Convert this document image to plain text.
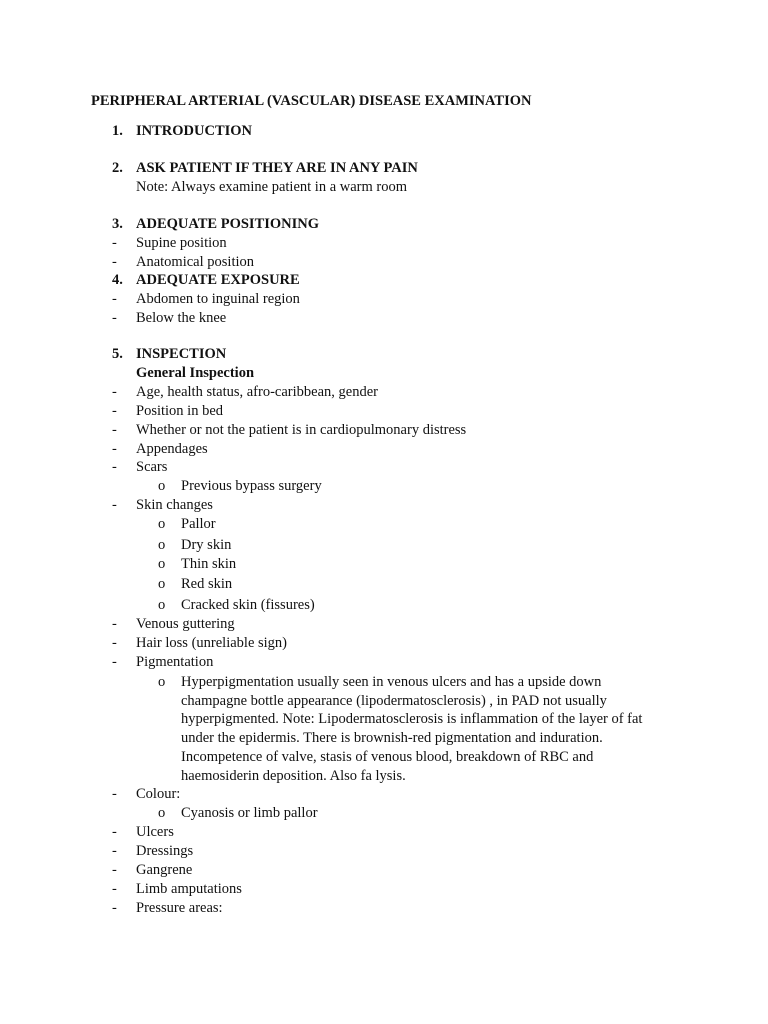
PERIPHERAL ARTERIAL (VASCULAR) DISEASE EXAMINATION
1. INTRODUCTION
2. ASK PATIENT IF THEY ARE IN ANY PAIN
Note: Always examine patient in a warm room
3. ADEQUATE POSITIONING
- Supine position
- Anatomical position
4. ADEQUATE EXPOSURE
- Abdomen to inguinal region
- Below the knee
5. INSPECTION
General Inspection
- Age, health status, afro-caribbean, gender
- Position in bed
- Whether or not the patient is in cardiopulmonary distress
- Appendages
- Scars
o Previous bypass surgery
- Skin changes
o Pallor
o Dry skin
o Thin skin
o Red skin
o Cracked skin (fissures)
- Venous guttering
- Hair loss (unreliable sign)
- Pigmentation
o Hyperpigmentation usually seen in venous ulcers and has a upside down
champagne bottle appearance (lipodermatosclerosis) , in PAD not usually
hyperpigmented. Note: Lipodermatosclerosis is inflammation of the layer of fat
under the epidermis. There is brownish-red pigmentation and induration.
Incompetence of valve, stasis of venous blood, breakdown of RBC and
haemosiderin deposition. Also fa lysis.
- Colour:
o Cyanosis or limb pallor
- Ulcers
- Dressings
- Gangrene
- Limb amputations
- Pressure areas:
